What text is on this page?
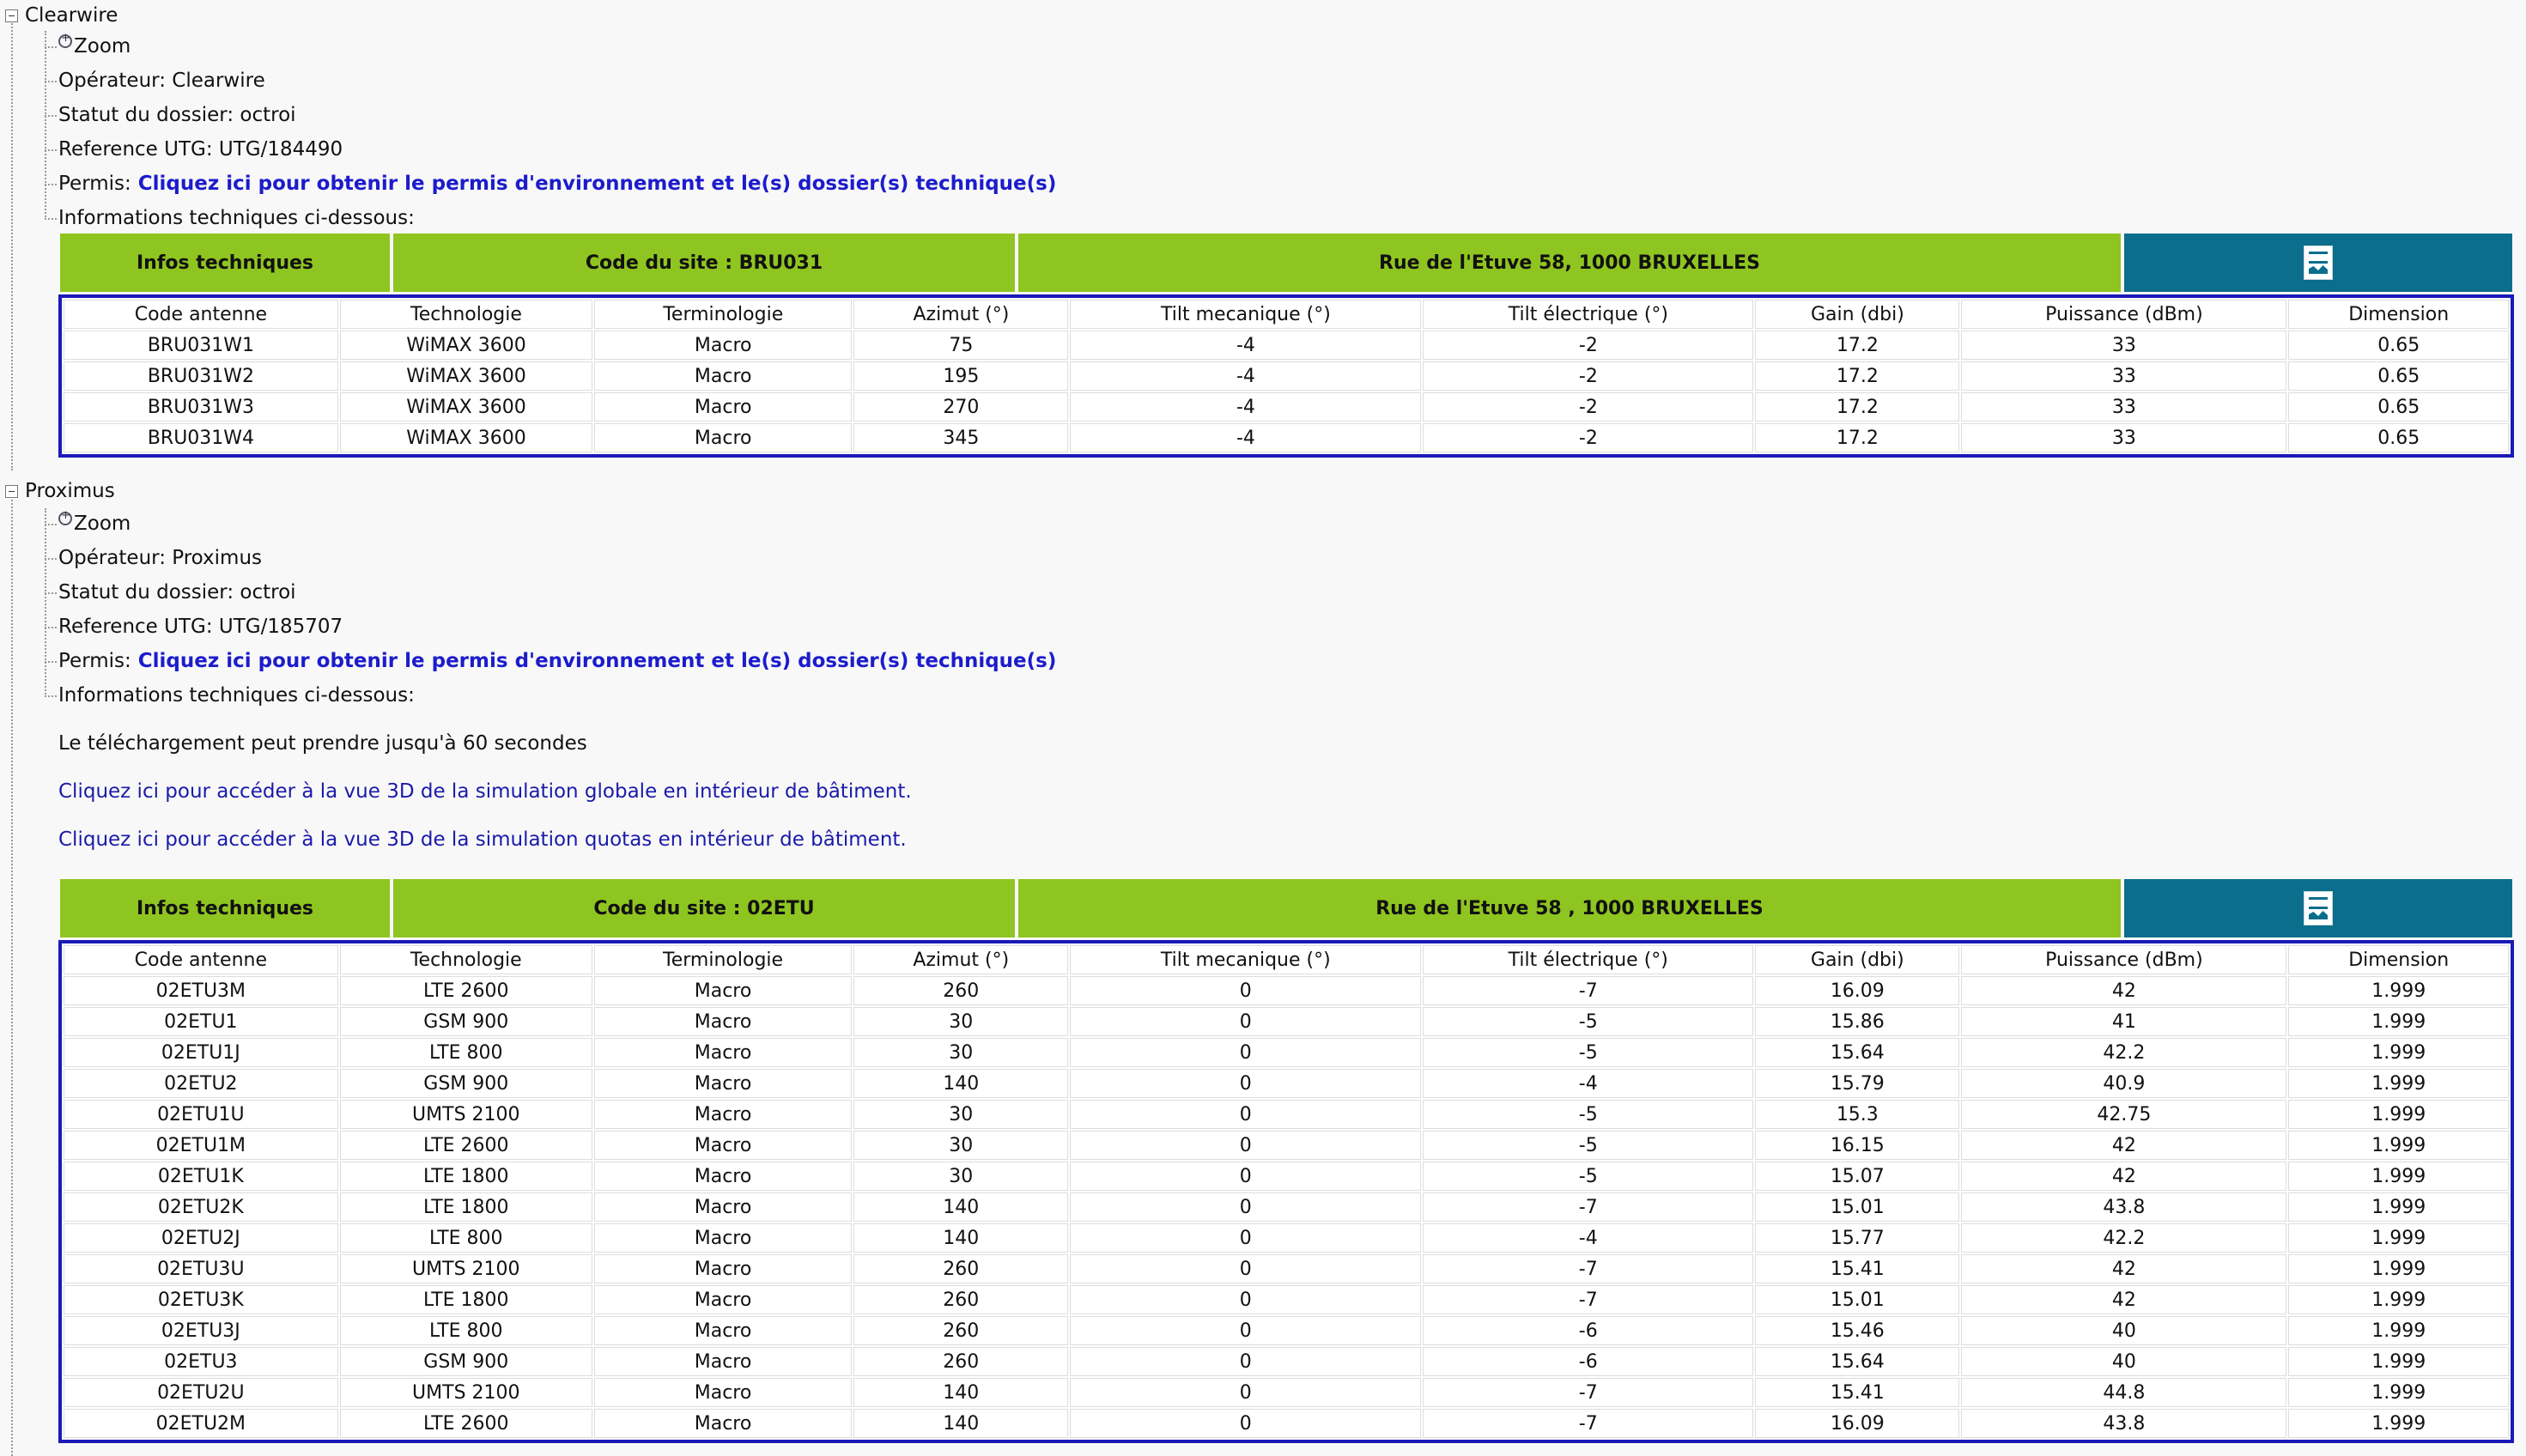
Clearwire
+
Zoom
Opérateur:
Clearwire
Statut du dossier:
octroi
Reference UTG:
UTG/184490
Permis: Cliquez ici pour obtenir le permis d'environnement et le(s) dossier(s) technique(s)
Informations techniques ci-dessous:
Infos techniques	Code du site : BRU031	Rue de l'Etuve 58, 1000 BRUXELLES
Code antenne	Technologie	Terminologie	Azimut (°)	Tilt mecanique (°)	Tilt électrique (°)	Gain (dbi)	Puissance (dBm)	Dimension
BRU031W1	WiMAX 3600	Macro	75	-4	-2	17.2	33	0.65
BRU031W2	WiMAX 3600	Macro	195	-4	-2	17.2	33	0.65
BRU031W3	WiMAX 3600	Macro	270	-4	-2	17.2	33	0.65
BRU031W4	WiMAX 3600	Macro	345	-4	-2	17.2	33	0.65
Proximus
+
Zoom
Opérateur:
Proximus
Statut du dossier:
octroi
Reference UTG:
UTG/185707
Permis: Cliquez ici pour obtenir le permis d'environnement et le(s) dossier(s) technique(s)
Informations techniques ci-dessous:
Le téléchargement peut prendre jusqu'à 60 secondes
Cliquez ici pour accéder à la vue 3D de la simulation globale en intérieur de bâtiment.
Cliquez ici pour accéder à la vue 3D de la simulation quotas en intérieur de bâtiment.
Infos techniques	Code du site : 02ETU	Rue de l'Etuve 58 , 1000 BRUXELLES
Code antenne	Technologie	Terminologie	Azimut (°)	Tilt mecanique (°)	Tilt électrique (°)	Gain (dbi)	Puissance (dBm)	Dimension
02ETU3M	LTE 2600	Macro	260	0	-7	16.09	42	1.999
02ETU1	GSM 900	Macro	30	0	-5	15.86	41	1.999
02ETU1J	LTE 800	Macro	30	0	-5	15.64	42.2	1.999
02ETU2	GSM 900	Macro	140	0	-4	15.79	40.9	1.999
02ETU1U	UMTS 2100	Macro	30	0	-5	15.3	42.75	1.999
02ETU1M	LTE 2600	Macro	30	0	-5	16.15	42	1.999
02ETU1K	LTE 1800	Macro	30	0	-5	15.07	42	1.999
02ETU2K	LTE 1800	Macro	140	0	-7	15.01	43.8	1.999
02ETU2J	LTE 800	Macro	140	0	-4	15.77	42.2	1.999
02ETU3U	UMTS 2100	Macro	260	0	-7	15.41	42	1.999
02ETU3K	LTE 1800	Macro	260	0	-7	15.01	42	1.999
02ETU3J	LTE 800	Macro	260	0	-6	15.46	40	1.999
02ETU3	GSM 900	Macro	260	0	-6	15.64	40	1.999
02ETU2U	UMTS 2100	Macro	140	0	-7	15.41	44.8	1.999
02ETU2M	LTE 2600	Macro	140	0	-7	16.09	43.8	1.999
